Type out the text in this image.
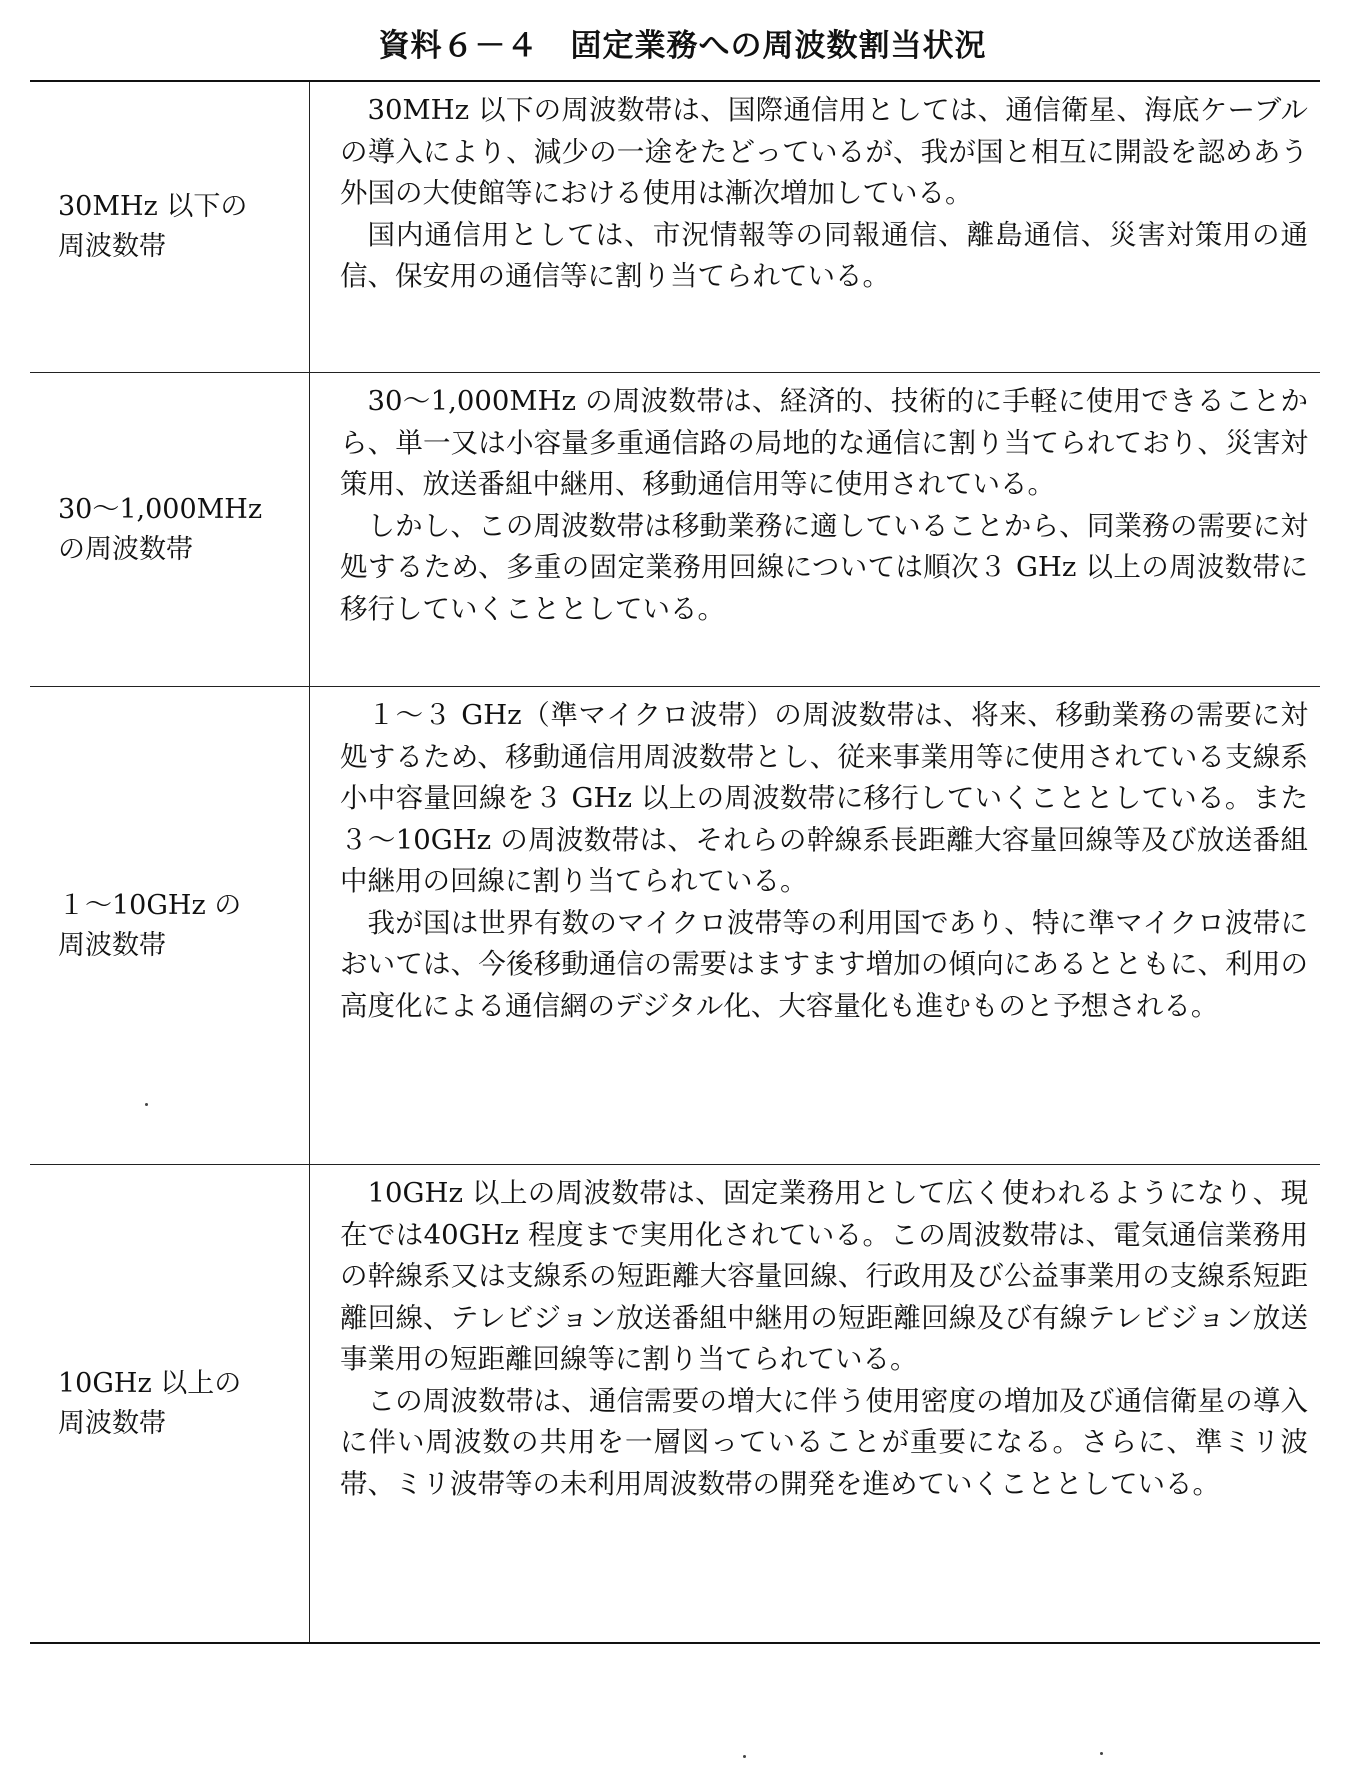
資料６－４　固定業務への周波数割当状況
30MHz 以下の
周波数帯

30MHz 以下の周波数帯は、国際通信用としては、通信衛星、海底ケーブルの導入により、減少の一途をたどっているが、我が国と相互に開設を認めあう外国の大使館等における使用は漸次増加している。

国内通信用としては、市況情報等の同報通信、離島通信、災害対策用の通信、保安用の通信等に割り当てられている。

30～1,000MHz
の周波数帯

30～1,000MHz の周波数帯は、経済的、技術的に手軽に使用できることから、単一又は小容量多重通信路の局地的な通信に割り当てられており、災害対策用、放送番組中継用、移動通信用等に使用されている。

しかし、この周波数帯は移動業務に適していることから、同業務の需要に対処するため、多重の固定業務用回線については順次３ GHz 以上の周波数帯に移行していくこととしている。

１～10GHz の
周波数帯

１～３ GHz（準マイクロ波帯）の周波数帯は、将来、移動業務の需要に対処するため、移動通信用周波数帯とし、従来事業用等に使用されている支線系小中容量回線を３ GHz 以上の周波数帯に移行していくこととしている。また３～10GHz の周波数帯は、それらの幹線系長距離大容量回線等及び放送番組中継用の回線に割り当てられている。

我が国は世界有数のマイクロ波帯等の利用国であり、特に準マイクロ波帯においては、今後移動通信の需要はますます増加の傾向にあるとともに、利用の高度化による通信網のデジタル化、大容量化も進むものと予想される。

10GHz 以上の
周波数帯

10GHz 以上の周波数帯は、固定業務用として広く使われるようになり、現在では40GHz 程度まで実用化されている。この周波数帯は、電気通信業務用の幹線系又は支線系の短距離大容量回線、行政用及び公益事業用の支線系短距離回線、テレビジョン放送番組中継用の短距離回線及び有線テレビジョン放送事業用の短距離回線等に割り当てられている。

この周波数帯は、通信需要の増大に伴う使用密度の増加及び通信衛星の導入に伴い周波数の共用を一層図っていることが重要になる。さらに、準ミリ波帯、ミリ波帯等の未利用周波数帯の開発を進めていくこととしている。
